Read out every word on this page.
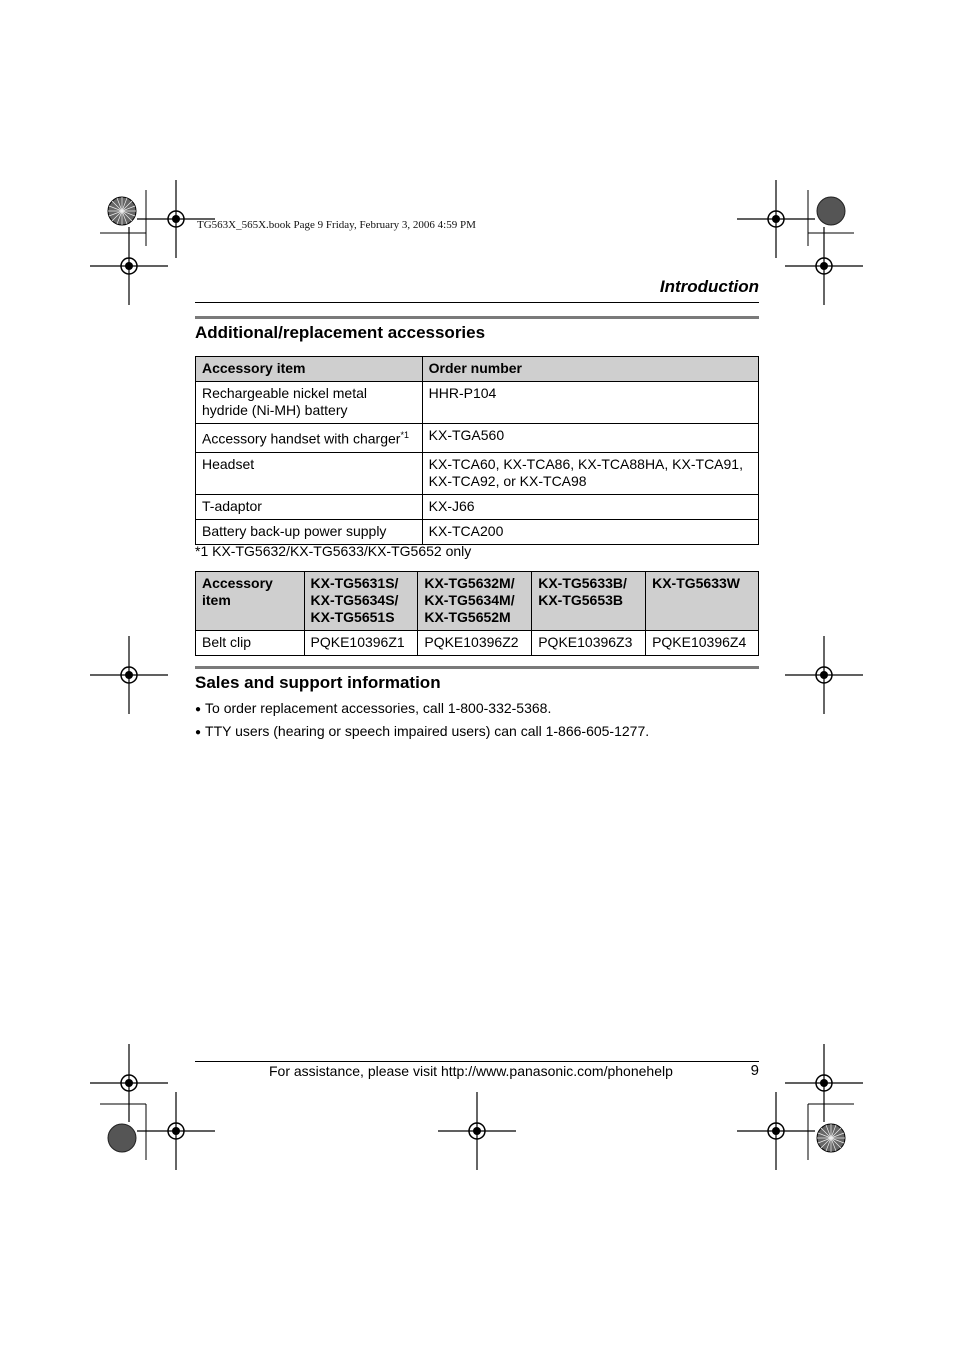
TG563X_565X.book Page 9 Friday, February 3, 2006 4:59 PM
Introduction
Additional/replacement accessories
Accessory item	Order number
Rechargeable nickel metal hydride (Ni-MH) battery	HHR-P104
Accessory handset with charger$^{*1}$	KX-TGA560
Headset	KX-TCA60, KX-TCA86, KX-TCA88HA, KX-TCA91, KX-TCA92, or KX-TCA98
T-adaptor	KX-J66
Battery back-up power supply	KX-TCA200
*1 KX-TG5632/KX-TG5633/KX-TG5652 only
Accessory item	KX-TG5631S/ KX-TG5634S/ KX-TG5651S	KX-TG5632M/ KX-TG5634M/ KX-TG5652M	KX-TG5633B/ KX-TG5653B	KX-TG5633W
Belt clip	PQKE10396Z1	PQKE10396Z2	PQKE10396Z3	PQKE10396Z4
Sales and support information
● To order replacement accessories, call 1-800-332-5368.
● TTY users (hearing or speech impaired users) can call 1-866-605-1277.
For assistance, please visit http://www.panasonic.com/phonehelp	9
